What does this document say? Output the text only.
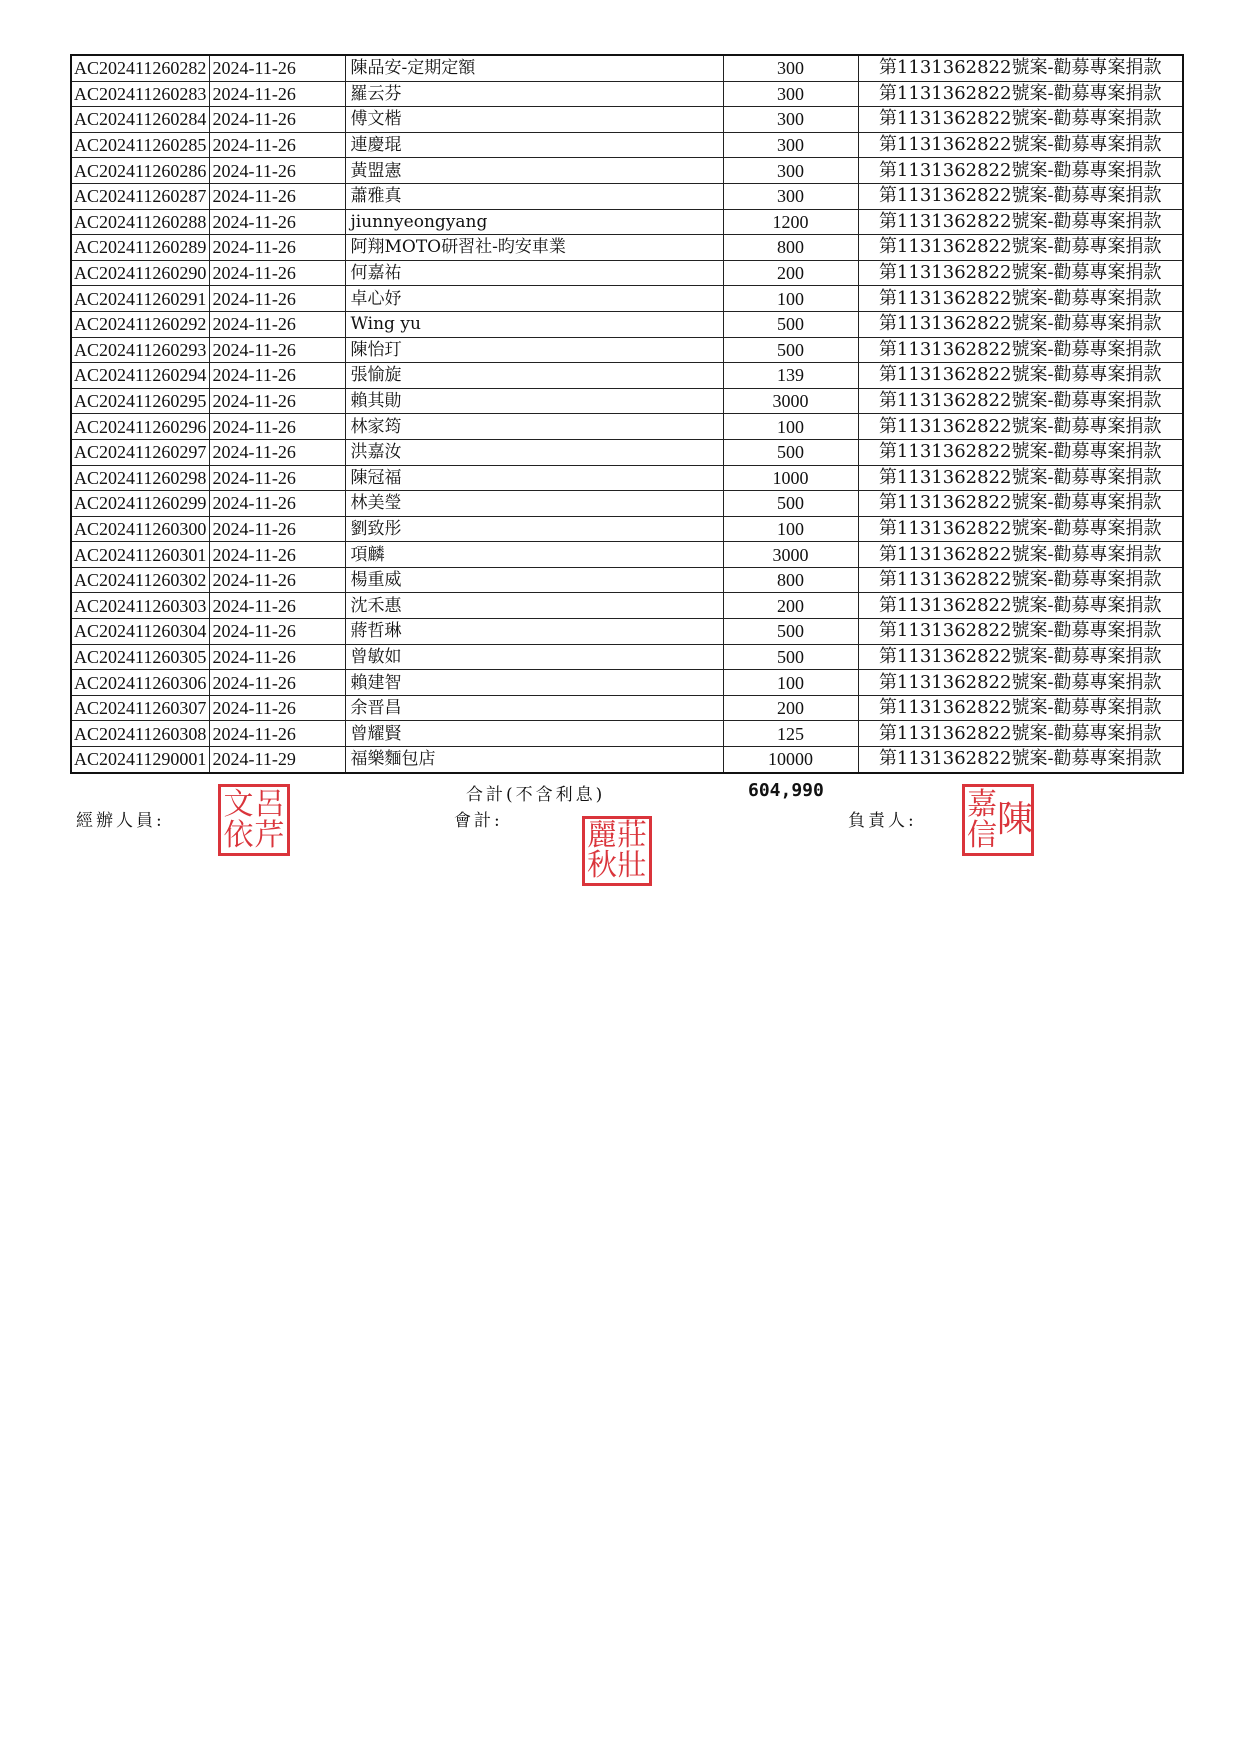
AC202411260282	2024-11-26	陳品安-定期定額	300	第1131362822號案-勸募專案捐款
AC202411260283	2024-11-26	羅云芬	300	第1131362822號案-勸募專案捐款
AC202411260284	2024-11-26	傅文楷	300	第1131362822號案-勸募專案捐款
AC202411260285	2024-11-26	連慶琨	300	第1131362822號案-勸募專案捐款
AC202411260286	2024-11-26	黃盟憲	300	第1131362822號案-勸募專案捐款
AC202411260287	2024-11-26	蕭雅真	300	第1131362822號案-勸募專案捐款
AC202411260288	2024-11-26	jiunnyeongyang	1200	第1131362822號案-勸募專案捐款
AC202411260289	2024-11-26	阿翔MOTO研習社-昀安車業	800	第1131362822號案-勸募專案捐款
AC202411260290	2024-11-26	何嘉祐	200	第1131362822號案-勸募專案捐款
AC202411260291	2024-11-26	卓心妤	100	第1131362822號案-勸募專案捐款
AC202411260292	2024-11-26	Wing yu	500	第1131362822號案-勸募專案捐款
AC202411260293	2024-11-26	陳怡玎	500	第1131362822號案-勸募專案捐款
AC202411260294	2024-11-26	張愉旋	139	第1131362822號案-勸募專案捐款
AC202411260295	2024-11-26	賴其勛	3000	第1131362822號案-勸募專案捐款
AC202411260296	2024-11-26	林家筠	100	第1131362822號案-勸募專案捐款
AC202411260297	2024-11-26	洪嘉汝	500	第1131362822號案-勸募專案捐款
AC202411260298	2024-11-26	陳冠福	1000	第1131362822號案-勸募專案捐款
AC202411260299	2024-11-26	林美瑩	500	第1131362822號案-勸募專案捐款
AC202411260300	2024-11-26	劉致彤	100	第1131362822號案-勸募專案捐款
AC202411260301	2024-11-26	項麟	3000	第1131362822號案-勸募專案捐款
AC202411260302	2024-11-26	楊重威	800	第1131362822號案-勸募專案捐款
AC202411260303	2024-11-26	沈禾惠	200	第1131362822號案-勸募專案捐款
AC202411260304	2024-11-26	蔣哲琳	500	第1131362822號案-勸募專案捐款
AC202411260305	2024-11-26	曾敏如	500	第1131362822號案-勸募專案捐款
AC202411260306	2024-11-26	賴建智	100	第1131362822號案-勸募專案捐款
AC202411260307	2024-11-26	余晋昌	200	第1131362822號案-勸募專案捐款
AC202411260308	2024-11-26	曾耀賢	125	第1131362822號案-勸募專案捐款
AC202411290001	2024-11-29	福樂麵包店	10000	第1131362822號案-勸募專案捐款
合計(不含利息)	604,990
經辦人員:	會計:	負責人:
文 呂
依 芹	麗 莊
秋 壯
嘉 陳
信
